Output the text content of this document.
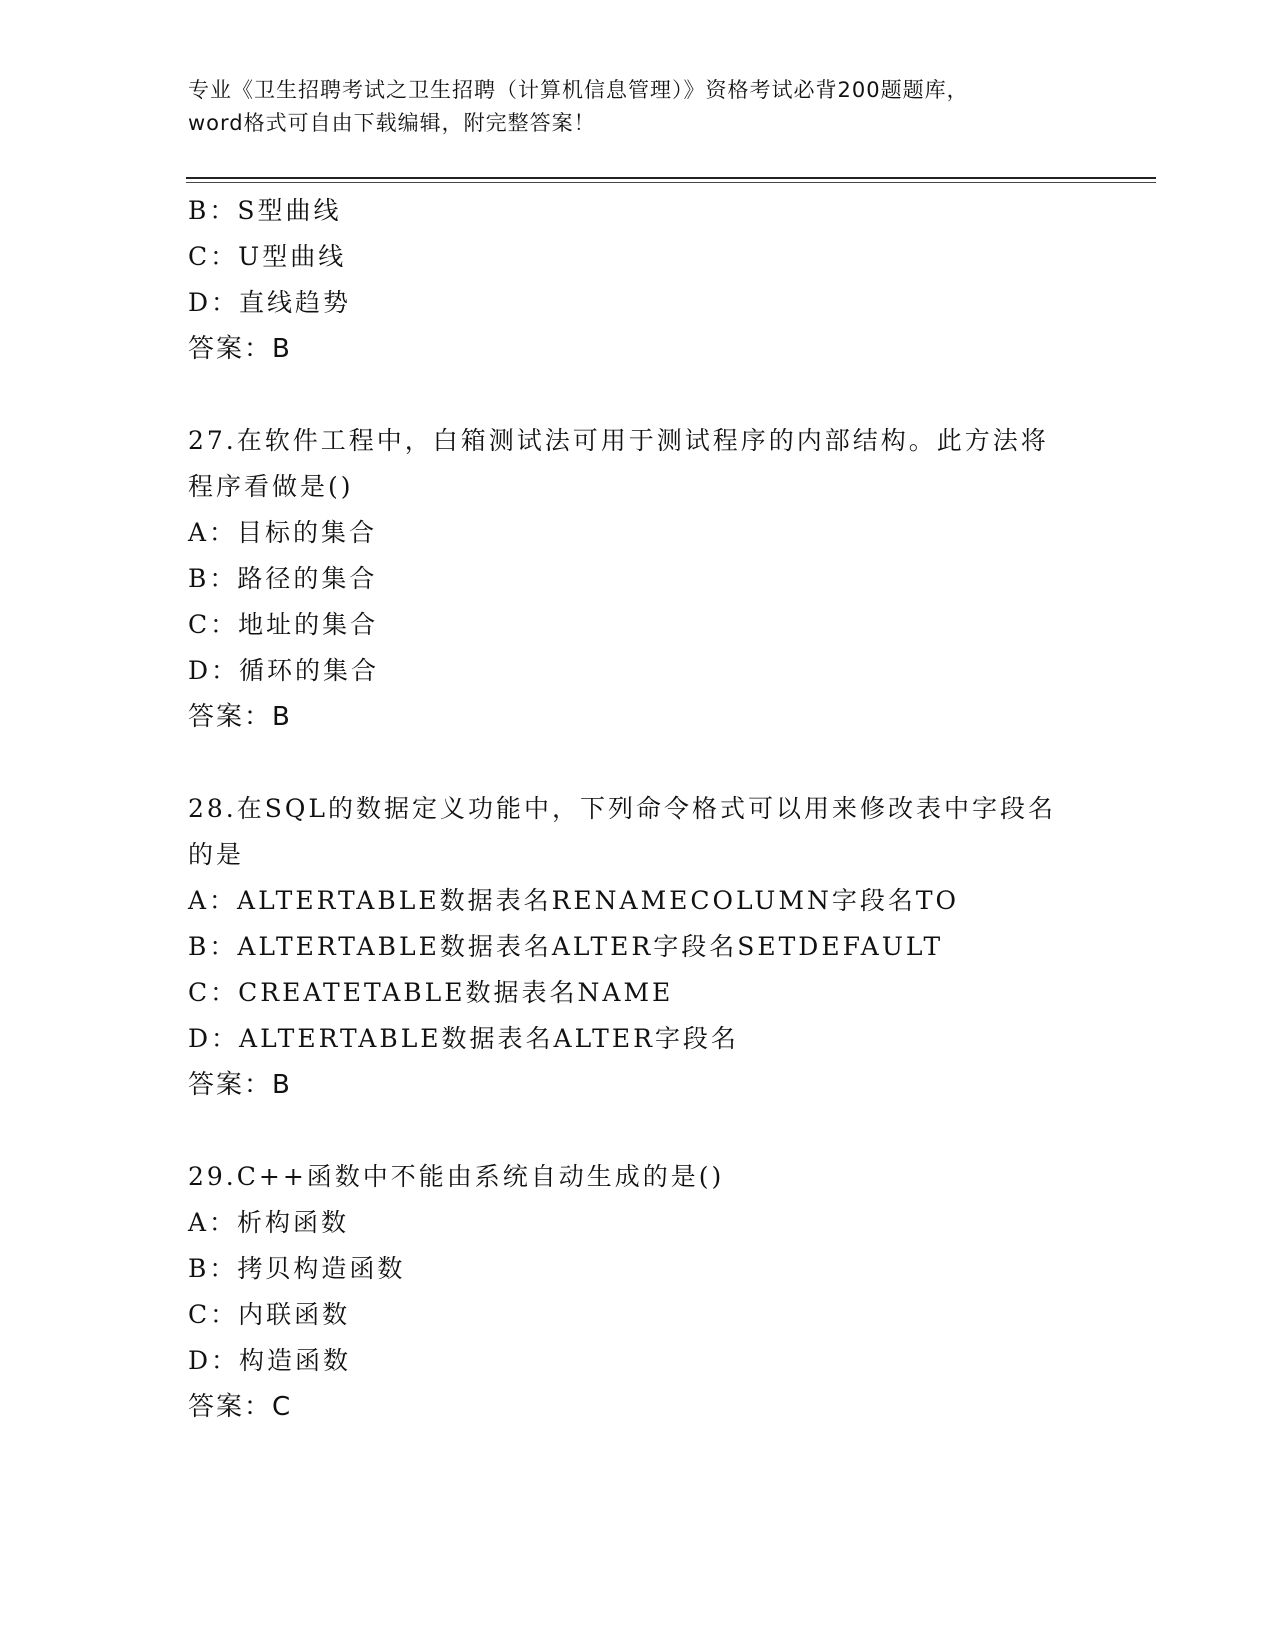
专业《卫生招聘考试之卫生招聘（计算机信息管理）》资格考试必背200题题库，
word格式可自由下载编辑，附完整答案！
B：S型曲线
C：U型曲线
D：直线趋势
答案：B
27.在软件工程中，白箱测试法可用于测试程序的内部结构。此方法将
程序看做是()
A：目标的集合
B：路径的集合
C：地址的集合
D：循环的集合
答案：B
28.在SQL的数据定义功能中，下列命令格式可以用来修改表中字段名
的是
A：ALTERTABLE数据表名RENAMECOLUMN字段名TO
B：ALTERTABLE数据表名ALTER字段名SETDEFAULT
C：CREATETABLE数据表名NAME
D：ALTERTABLE数据表名ALTER字段名
答案：B
29.C++函数中不能由系统自动生成的是()
A：析构函数
B：拷贝构造函数
C：内联函数
D：构造函数
答案：C
